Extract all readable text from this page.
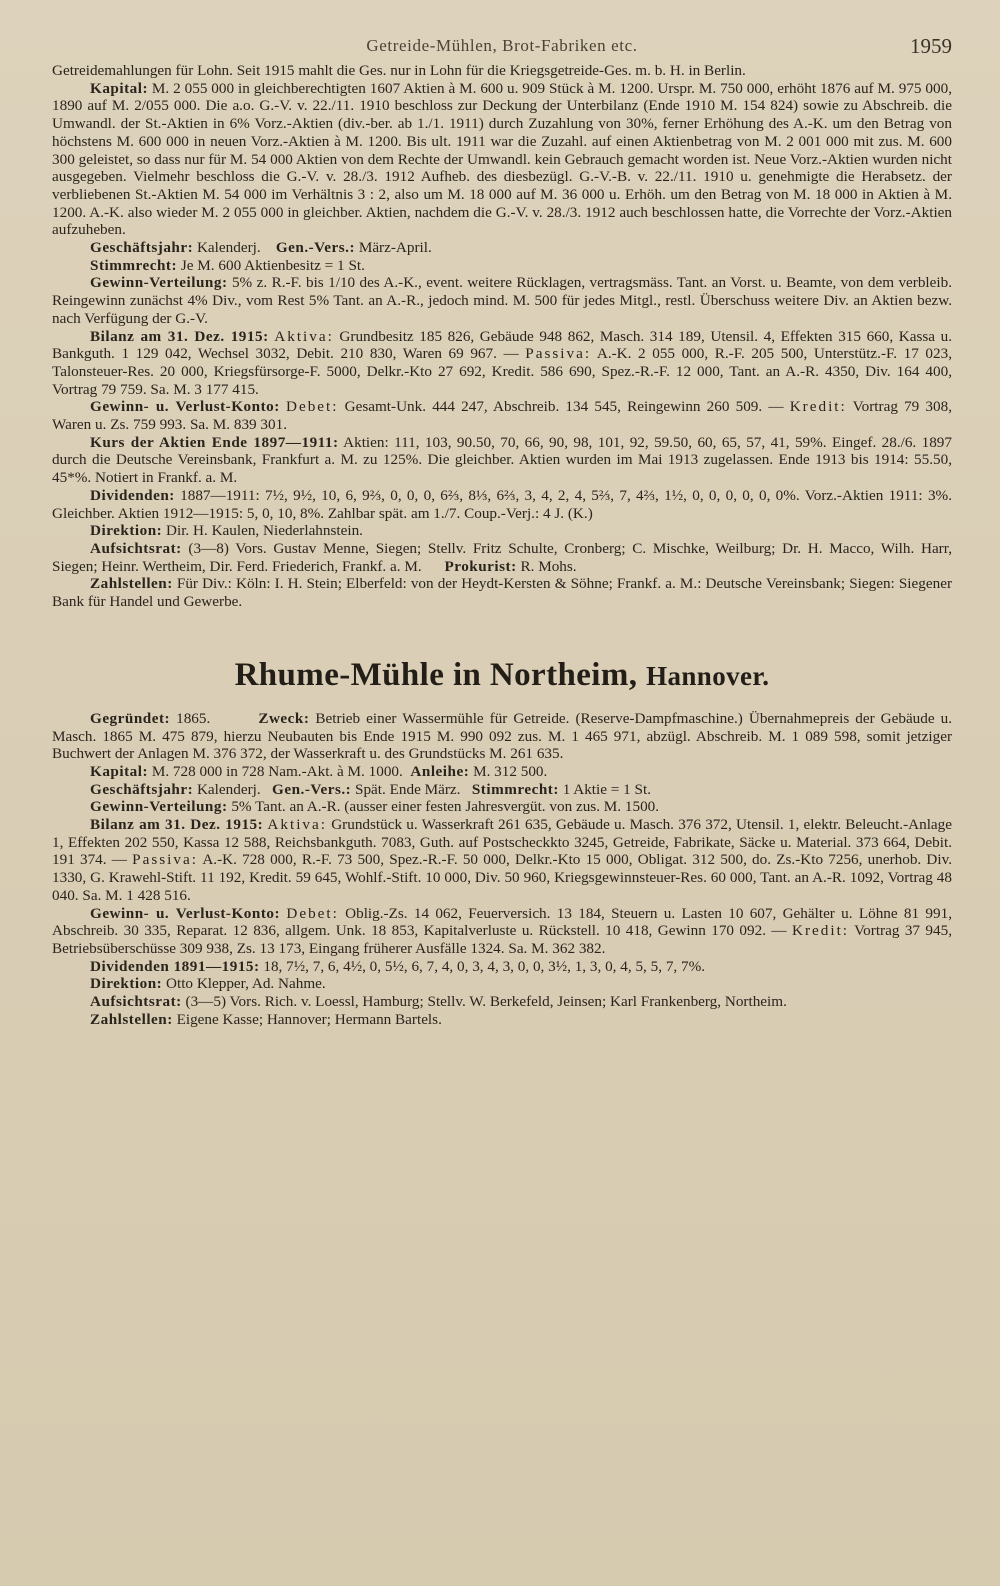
Getreide-Mühlen, Brot-Fabriken etc.	1959

Getreidemahlungen für Lohn. Seit 1915 mahlt die Ges. nur in Lohn für die Kriegsgetreide-Ges. m. b. H. in Berlin.

Kapital: M. 2 055 000 in gleichberechtigten 1607 Aktien à M. 600 u. 909 Stück à M. 1200. Urspr. M. 750 000, erhöht 1876 auf M. 975 000, 1890 auf M. 2/055 000. Die a.o. G.-V. v. 22./11. 1910 beschloss zur Deckung der Unterbilanz (Ende 1910 M. 154 824) sowie zu Abschreib. die Umwandl. der St.-Aktien in 6% Vorz.-Aktien (div.-ber. ab 1./1. 1911) durch Zuzahlung von 30%, ferner Erhöhung des A.-K. um den Betrag von höchstens M. 600 000 in neuen Vorz.-Aktien à M. 1200. Bis ult. 1911 war die Zuzahl. auf einen Aktienbetrag von M. 2 001 000 mit zus. M. 600 300 geleistet, so dass nur für M. 54 000 Aktien von dem Rechte der Umwandl. kein Gebrauch gemacht worden ist. Neue Vorz.-Aktien wurden nicht ausgegeben. Vielmehr beschloss die G.-V. v. 28./3. 1912 Aufheb. des diesbezügl. G.-V.-B. v. 22./11. 1910 u. genehmigte die Herabsetz. der verbliebenen St.-Aktien M. 54 000 im Verhältnis 3 : 2, also um M. 18 000 auf M. 36 000 u. Erhöh. um den Betrag von M. 18 000 in Aktien à M. 1200. A.-K. also wieder M. 2 055 000 in gleichber. Aktien, nachdem die G.-V. v. 28./3. 1912 auch beschlossen hatte, die Vorrechte der Vorz.-Aktien aufzuheben.

Geschäftsjahr: Kalenderj. Gen.-Vers.: März-April.

Stimmrecht: Je M. 600 Aktienbesitz = 1 St.

Gewinn-Verteilung: 5% z. R.-F. bis 1/10 des A.-K., event. weitere Rücklagen, vertragsmäss. Tant. an Vorst. u. Beamte, von dem verbleib. Reingewinn zunächst 4% Div., vom Rest 5% Tant. an A.-R., jedoch mind. M. 500 für jedes Mitgl., restl. Überschuss weitere Div. an Aktien bezw. nach Verfügung der G.-V.

Bilanz am 31. Dez. 1915: Aktiva: Grundbesitz 185 826, Gebäude 948 862, Masch. 314 189, Utensil. 4, Effekten 315 660, Kassa u. Bankguth. 1 129 042, Wechsel 3032, Debit. 210 830, Waren 69 967. — Passiva: A.-K. 2 055 000, R.-F. 205 500, Unterstütz.-F. 17 023, Talonsteuer-Res. 20 000, Kriegsfürsorge-F. 5000, Delkr.-Kto 27 692, Kredit. 586 690, Spez.-R.-F. 12 000, Tant. an A.-R. 4350, Div. 164 400, Vortrag 79 759. Sa. M. 3 177 415.

Gewinn- u. Verlust-Konto: Debet: Gesamt-Unk. 444 247, Abschreib. 134 545, Reingewinn 260 509. — Kredit: Vortrag 79 308, Waren u. Zs. 759 993. Sa. M. 839 301.

Kurs der Aktien Ende 1897—1911: Aktien: 111, 103, 90.50, 70, 66, 90, 98, 101, 92, 59.50, 60, 65, 57, 41, 59%. Eingef. 28./6. 1897 durch die Deutsche Vereinsbank, Frankfurt a. M. zu 125%. Die gleichber. Aktien wurden im Mai 1913 zugelassen. Ende 1913 bis 1914: 55.50, 45*%. Notiert in Frankf. a. M.

Dividenden: 1887—1911: 7½, 9½, 10, 6, 9⅔, 0, 0, 0, 6⅔, 8⅓, 6⅔, 3, 4, 2, 4, 5⅔, 7, 4⅔, 1½, 0, 0, 0, 0, 0, 0%. Vorz.-Aktien 1911: 3%. Gleichber. Aktien 1912—1915: 5, 0, 10, 8%. Zahlbar spät. am 1./7. Coup.-Verj.: 4 J. (K.)

Direktion: Dir. H. Kaulen, Niederlahnstein.

Aufsichtsrat: (3—8) Vors. Gustav Menne, Siegen; Stellv. Fritz Schulte, Cronberg; C. Mischke, Weilburg; Dr. H. Macco, Wilh. Harr, Siegen; Heinr. Wertheim, Dir. Ferd. Friederich, Frankf. a. M. Prokurist: R. Mohs.

Zahlstellen: Für Div.: Köln: I. H. Stein; Elberfeld: von der Heydt-Kersten & Söhne; Frankf. a. M.: Deutsche Vereinsbank; Siegen: Siegener Bank für Handel und Gewerbe.

Rhume-Mühle in Northeim, Hannover.

Gegründet: 1865.	Zweck: Betrieb einer Wassermühle für Getreide. (Reserve-Dampfmaschine.) Übernahmepreis der Gebäude u. Masch. 1865 M. 475 879, hierzu Neubauten bis Ende 1915 M. 990 092 zus. M. 1 465 971, abzügl. Abschreib. M. 1 089 598, somit jetziger Buchwert der Anlagen M. 376 372, der Wasserkraft u. des Grundstücks M. 261 635.

Kapital: M. 728 000 in 728 Nam.-Akt. à M. 1000. Anleihe: M. 312 500.

Geschäftsjahr: Kalenderj. Gen.-Vers.: Spät. Ende März. Stimmrecht: 1 Aktie = 1 St.

Gewinn-Verteilung: 5% Tant. an A.-R. (ausser einer festen Jahresvergüt. von zus. M. 1500.

Bilanz am 31. Dez. 1915: Aktiva: Grundstück u. Wasserkraft 261 635, Gebäude u. Masch. 376 372, Utensil. 1, elektr. Beleucht.-Anlage 1, Effekten 202 550, Kassa 12 588, Reichsbankguth. 7083, Guth. auf Postscheckkto 3245, Getreide, Fabrikate, Säcke u. Material. 373 664, Debit. 191 374. — Passiva: A.-K. 728 000, R.-F. 73 500, Spez.-R.-F. 50 000, Delkr.-Kto 15 000, Obligat. 312 500, do. Zs.-Kto 7256, unerhob. Div. 1330, G. Krawehl-Stift. 11 192, Kredit. 59 645, Wohlf.-Stift. 10 000, Div. 50 960, Kriegsgewinnsteuer-Res. 60 000, Tant. an A.-R. 1092, Vortrag 48 040. Sa. M. 1 428 516.

Gewinn- u. Verlust-Konto: Debet: Oblig.-Zs. 14 062, Feuerversich. 13 184, Steuern u. Lasten 10 607, Gehälter u. Löhne 81 991, Abschreib. 30 335, Reparat. 12 836, allgem. Unk. 18 853, Kapitalverluste u. Rückstell. 10 418, Gewinn 170 092. — Kredit: Vortrag 37 945, Betriebsüberschüsse 309 938, Zs. 13 173, Eingang früherer Ausfälle 1324. Sa. M. 362 382.

Dividenden 1891—1915: 18, 7½, 7, 6, 4½, 0, 5½, 6, 7, 4, 0, 3, 4, 3, 0, 0, 3½, 1, 3, 0, 4, 5, 5, 7, 7%.

Direktion: Otto Klepper, Ad. Nahme.

Aufsichtsrat: (3—5) Vors. Rich. v. Loessl, Hamburg; Stellv. W. Berkefeld, Jeinsen; Karl Frankenberg, Northeim.

Zahlstellen: Eigene Kasse; Hannover; Hermann Bartels.
